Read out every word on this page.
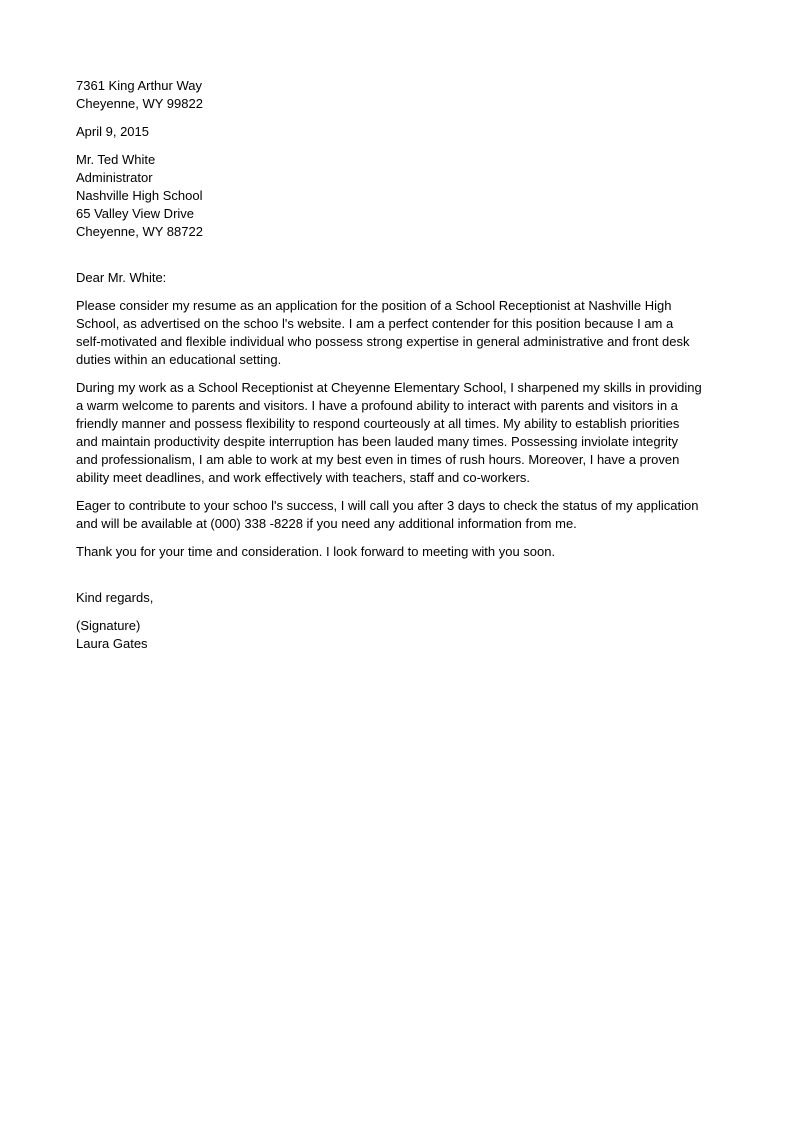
7361 King Arthur Way
Cheyenne, WY 99822
April 9, 2015
Mr. Ted White
Administrator
Nashville High School
65 Valley View Drive
Cheyenne, WY 88722
Dear Mr. White:
Please consider my resume as an application for the position of a School Receptionist at Nashville High
School, as advertised on the schoo l's website. I am a perfect contender for this position because I am a
self-motivated and flexible individual who possess strong expertise in general administrative and front desk
duties within an educational setting.
During my work as a School Receptionist at Cheyenne Elementary School, I sharpened my skills in providing
a warm welcome to parents and visitors. I have a profound ability to interact with parents and visitors in a
friendly manner and possess flexibility to respond courteously at all times. My ability to establish priorities
and maintain productivity despite interruption has been lauded many times. Possessing inviolate integrity
and professionalism, I am able to work at my best even in times of rush hours. Moreover, I have a proven
ability meet deadlines, and work effectively with teachers, staff and co-workers.
Eager to contribute to your schoo l's success, I will call you after 3 days to check the status of my application
and will be available at (000) 338 -8228 if you need any additional information from me.
Thank you for your time and consideration. I look forward to meeting with you soon.
Kind regards,
(Signature)
Laura Gates
